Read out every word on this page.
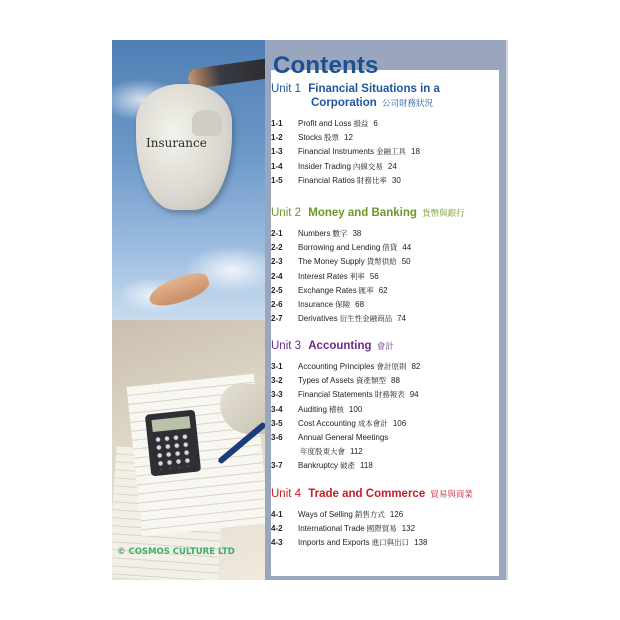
Insurance
© COSMOS CULTURE LTD
Contents
Unit 1 Financial Situations in a
Corporation 公司財務狀況
1-1 Profit and Loss 損益 6
1-2 Stocks 股票 12
1-3 Financial Instruments 金融工具 18
1-4 Insider Trading 內線交易 24
1-5 Financial Ratios 財務比率 30
Unit 2 Money and Banking 貨幣與銀行
2-1 Numbers 數字 38
2-2 Borrowing and Lending 借貸 44
2-3 The Money Supply 貨幣供給 50
2-4 Interest Rates 利率 56
2-5 Exchange Rates 匯率 62
2-6 Insurance 保險 68
2-7 Derivatives 衍生性金融商品 74
Unit 3 Accounting 會計
3-1 Accounting Principles 會計原則 82
3-2 Types of Assets 資產類型 88
3-3 Financial Statements 財務報表 94
3-4 Auditing 稽核 100
3-5 Cost Accounting 成本會計 106
3-6 Annual General Meetings
年度股東大會 112
3-7 Bankruptcy 破產 118
Unit 4 Trade and Commerce 貿易與商業
4-1 Ways of Selling 銷售方式 126
4-2 International Trade 國際貿易 132
4-3 Imports and Exports 進口與出口 138
